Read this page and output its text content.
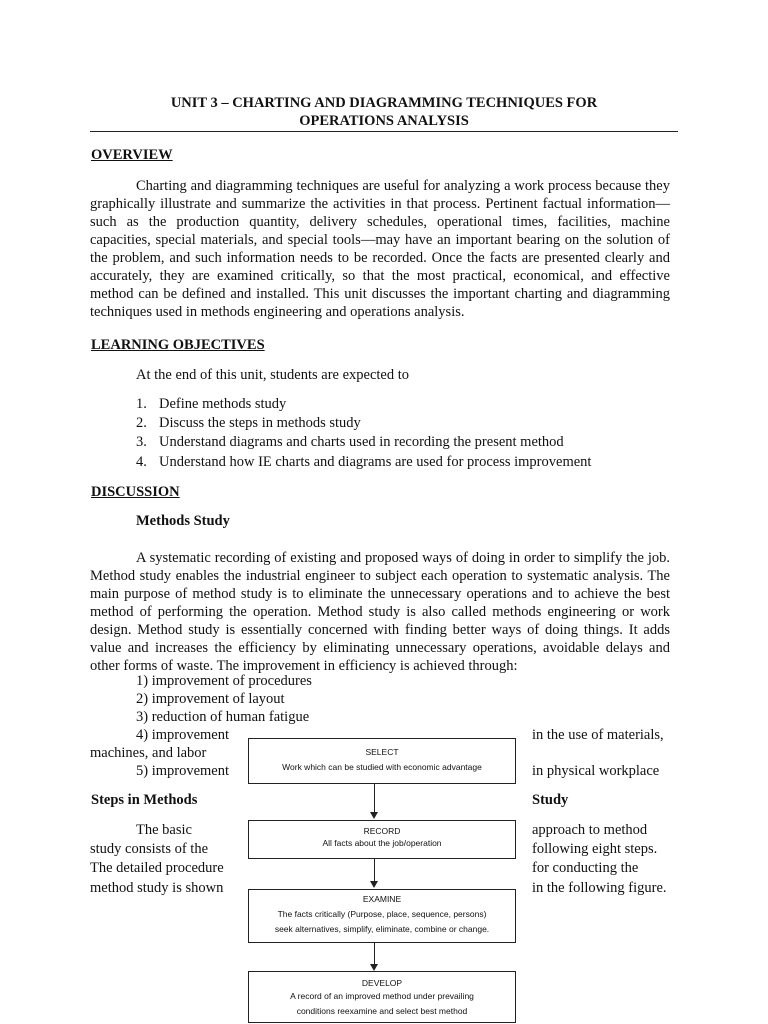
UNIT 3 – CHARTING AND DIAGRAMMING TECHNIQUES FOR
OPERATIONS ANALYSIS
OVERVIEW
Charting and diagramming techniques are useful for analyzing a work process because they graphically illustrate and summarize the activities in that process. Pertinent factual information—such as the production quantity, delivery schedules, operational times, facilities, machine capacities, special materials, and special tools—may have an important bearing on the solution of the problem, and such information needs to be recorded. Once the facts are presented clearly and accurately, they are examined critically, so that the most practical, economical, and effective method can be defined and installed. This unit discusses the important charting and diagramming techniques used in methods engineering and operations analysis.
LEARNING OBJECTIVES
At the end of this unit, students are expected to
1. Define methods study
2. Discuss the steps in methods study
3. Understand diagrams and charts used in recording the present method
4. Understand how IE charts and diagrams are used for process improvement
DISCUSSION
Methods Study
A systematic recording of existing and proposed ways of doing in order to simplify the job. Method study enables the industrial engineer to subject each operation to systematic analysis. The main purpose of method study is to eliminate the unnecessary operations and to achieve the best method of performing the operation. Method study is also called methods engineering or work design. Method study is essentially concerned with finding better ways of doing things. It adds value and increases the efficiency by eliminating unnecessary operations, avoidable delays and other forms of waste. The improvement in efficiency is achieved through:
1) improvement of procedures
2) improvement of layout
3) reduction of human fatigue
4) improvement	in the use of materials,
machines, and labor
5) improvement	in physical workplace
Steps in Methods	Study
The basic
study consists of the
The detailed procedure
method study is shown
approach to method
following eight steps.
for conducting the
in the following figure.
SELECT
Work which can be studied with economic advantage
RECORD
All facts about the job/operation
EXAMINE
The facts critically (Purpose, place, sequence, persons)
seek alternatives, simplify, eliminate, combine or change.
DEVELOP
A record of an improved method under prevailing
conditions reexamine and select best method
